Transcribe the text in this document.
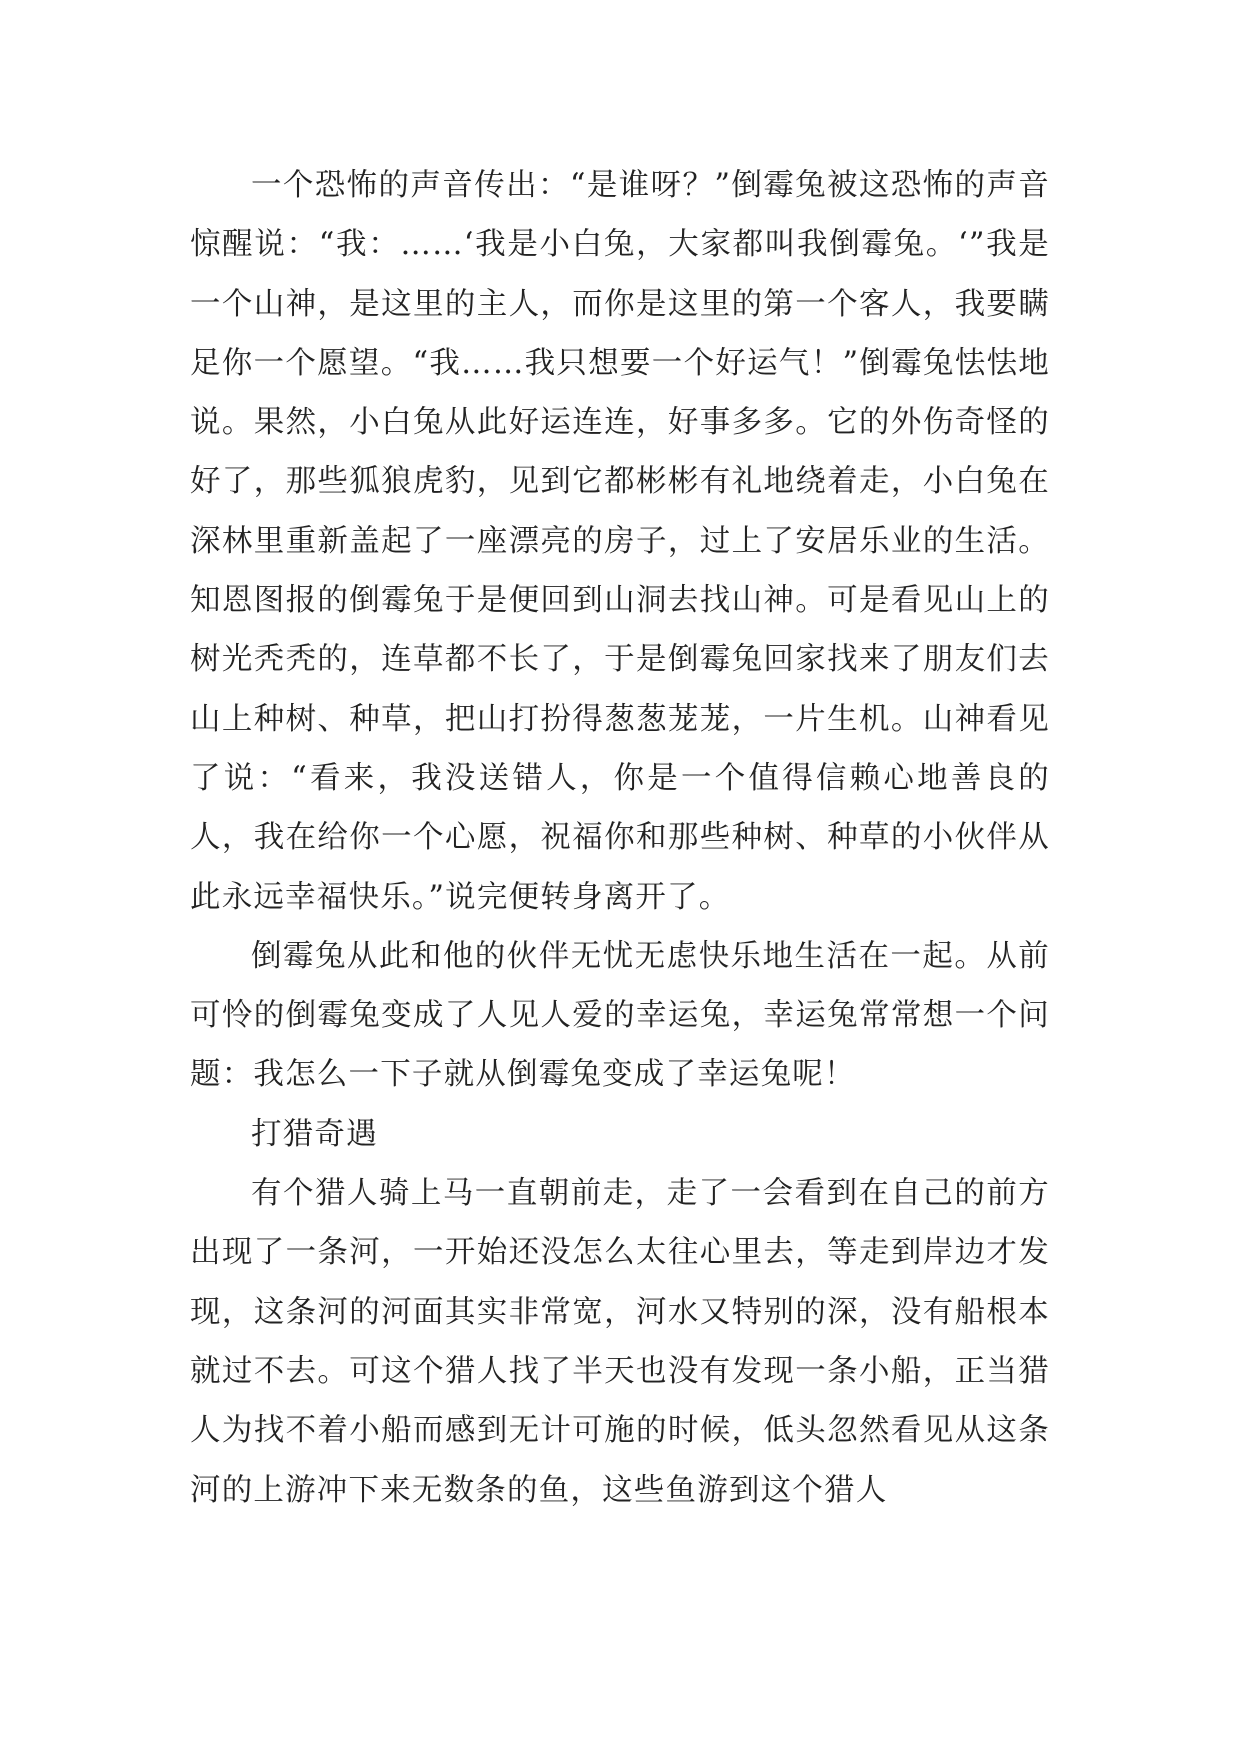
一个恐怖的声音传出：“是谁呀？”倒霉兔被这恐怖的声音惊醒说：“我：……‘我是小白兔，大家都叫我倒霉兔。‘”我是一个山神，是这里的主人，而你是这里的第一个客人，我要瞒足你一个愿望。“我……我只想要一个好运气！”倒霉兔怯怯地说。果然，小白兔从此好运连连，好事多多。它的外伤奇怪的好了，那些狐狼虎豹，见到它都彬彬有礼地绕着走，小白兔在深林里重新盖起了一座漂亮的房子，过上了安居乐业的生活。知恩图报的倒霉兔于是便回到山洞去找山神。可是看见山上的树光秃秃的，连草都不长了，于是倒霉兔回家找来了朋友们去山上种树、种草，把山打扮得葱葱茏茏，一片生机。山神看见了说：“看来，我没送错人，你是一个值得信赖心地善良的人，我在给你一个心愿，祝福你和那些种树、种草的小伙伴从此永远幸福快乐。”说完便转身离开了。

倒霉兔从此和他的伙伴无忧无虑快乐地生活在一起。从前可怜的倒霉兔变成了人见人爱的幸运兔，幸运兔常常想一个问题：我怎么一下子就从倒霉兔变成了幸运兔呢！

打猎奇遇

有个猎人骑上马一直朝前走，走了一会看到在自己的前方出现了一条河，一开始还没怎么太往心里去，等走到岸边才发现，这条河的河面其实非常宽，河水又特别的深，没有船根本就过不去。可这个猎人找了半天也没有发现一条小船，正当猎人为找不着小船而感到无计可施的时候，低头忽然看见从这条河的上游冲下来无数条的鱼，这些鱼游到这个猎人
